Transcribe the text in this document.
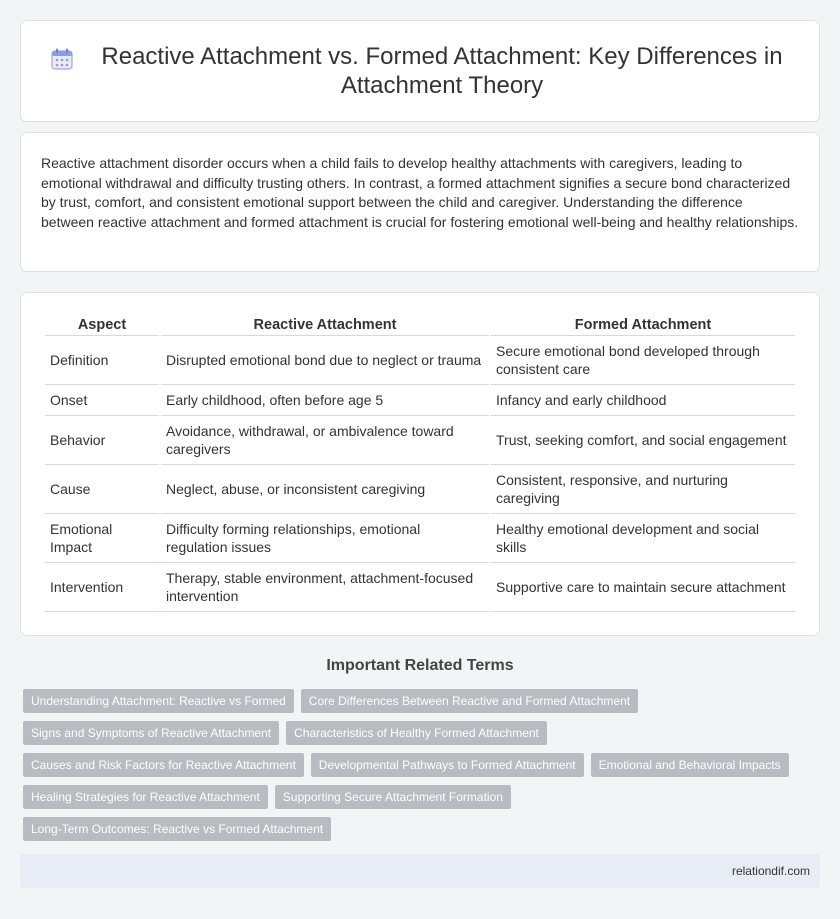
Reactive Attachment vs. Formed Attachment: Key Differences in Attachment Theory

Reactive attachment disorder occurs when a child fails to develop healthy attachments with caregivers, leading to emotional withdrawal and difficulty trusting others. In contrast, a formed attachment signifies a secure bond characterized by trust, comfort, and consistent emotional support between the child and caregiver. Understanding the difference between reactive attachment and formed attachment is crucial for fostering emotional well-being and healthy relationships.

Aspect	Reactive Attachment	Formed Attachment
Definition	Disrupted emotional bond due to neglect or trauma	Secure emotional bond developed through consistent care
Onset	Early childhood, often before age 5	Infancy and early childhood
Behavior	Avoidance, withdrawal, or ambivalence toward caregivers	Trust, seeking comfort, and social engagement
Cause	Neglect, abuse, or inconsistent caregiving	Consistent, responsive, and nurturing caregiving
Emotional Impact	Difficulty forming relationships, emotional regulation issues	Healthy emotional development and social skills
Intervention	Therapy, stable environment, attachment-focused intervention	Supportive care to maintain secure attachment
Important Related Terms
Understanding Attachment: Reactive vs Formed	Core Differences Between Reactive and Formed Attachment
Signs and Symptoms of Reactive Attachment	Characteristics of Healthy Formed Attachment
Causes and Risk Factors for Reactive Attachment	Developmental Pathways to Formed Attachment	Emotional and Behavioral Impacts
Healing Strategies for Reactive Attachment	Supporting Secure Attachment Formation
Long-Term Outcomes: Reactive vs Formed Attachment
relationdif.com
